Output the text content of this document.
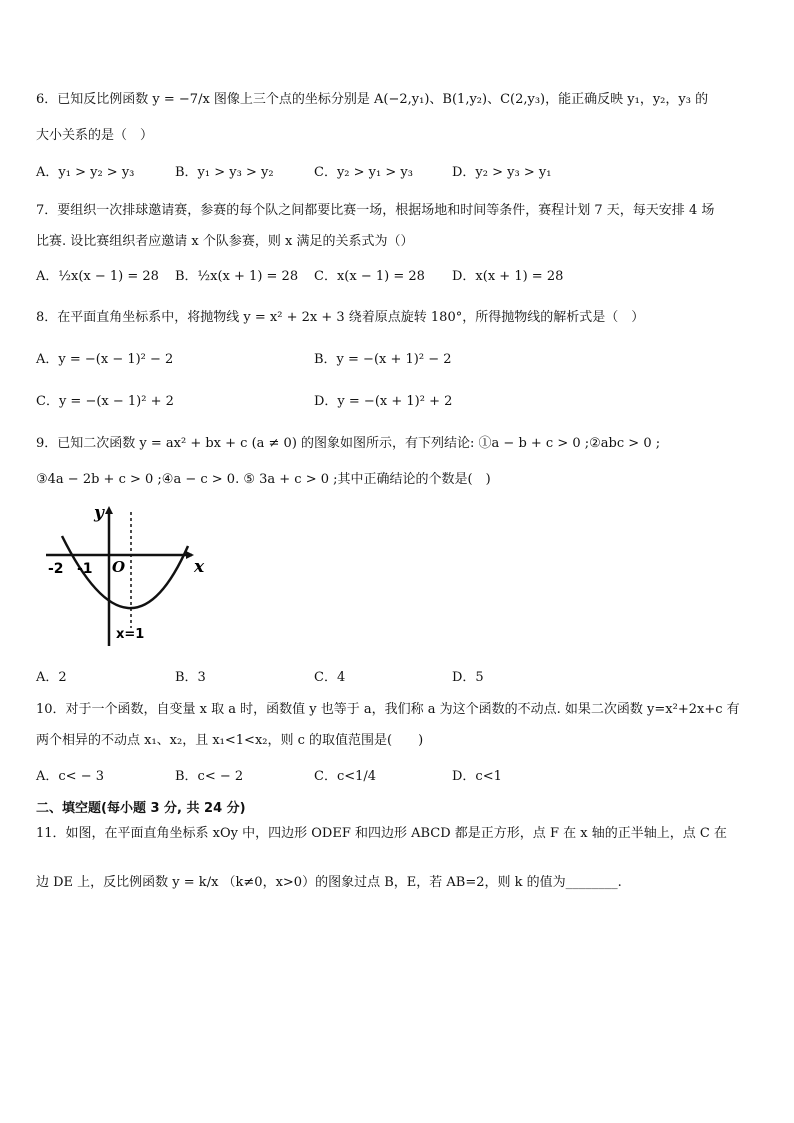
6．已知反比例函数 y = −7/x 图像上三个点的坐标分别是 A(−2,y₁)、B(1,y₂)、C(2,y₃)，能正确反映 y₁，y₂，y₃ 的
大小关系的是（　）
A．y₁ > y₂ > y₃	B．y₁ > y₃ > y₂	C．y₂ > y₁ > y₃	D．y₂ > y₃ > y₁
7．要组织一次排球邀请赛，参赛的每个队之间都要比赛一场，根据场地和时间等条件，赛程计划 7 天，每天安排 4 场
比赛. 设比赛组织者应邀请 x 个队参赛，则 x 满足的关系式为（）
A．½x(x − 1) = 28 B．½x(x + 1) = 28 C．x(x − 1) = 28 D．x(x + 1) = 28
8．在平面直角坐标系中，将抛物线 y = x² + 2x + 3 绕着原点旋转 180°，所得抛物线的解析式是（　）
A．y = −(x − 1)² − 2	B．y = −(x + 1)² − 2
C．y = −(x − 1)² + 2	D．y = −(x + 1)² + 2
9．已知二次函数 y = ax² + bx + c (a ≠ 0) 的图象如图所示，有下列结论: ①a − b + c > 0 ;②abc > 0 ;
③4a − 2b + c > 0 ;④a − c > 0. ⑤ 3a + c > 0 ;其中正确结论的个数是(　)
y
x
O
-2 -1
x=1
A．2	B．3	C．4	D．5
10．对于一个函数，自变量 x 取 a 时，函数值 y 也等于 a，我们称 a 为这个函数的不动点. 如果二次函数 y=x²+2x+c 有
两个相异的不动点 x₁、x₂，且 x₁<1<x₂，则 c 的取值范围是(　　)
A．c< − 3	B．c< − 2	C．c<1/4	D．c<1
二、填空题(每小题 3 分, 共 24 分)
11．如图，在平面直角坐标系 xOy 中，四边形 ODEF 和四边形 ABCD 都是正方形，点 F 在 x 轴的正半轴上，点 C 在
边 DE 上，反比例函数 y = k/x （k≠0，x>0）的图象过点 B，E，若 AB=2，则 k 的值为________.
